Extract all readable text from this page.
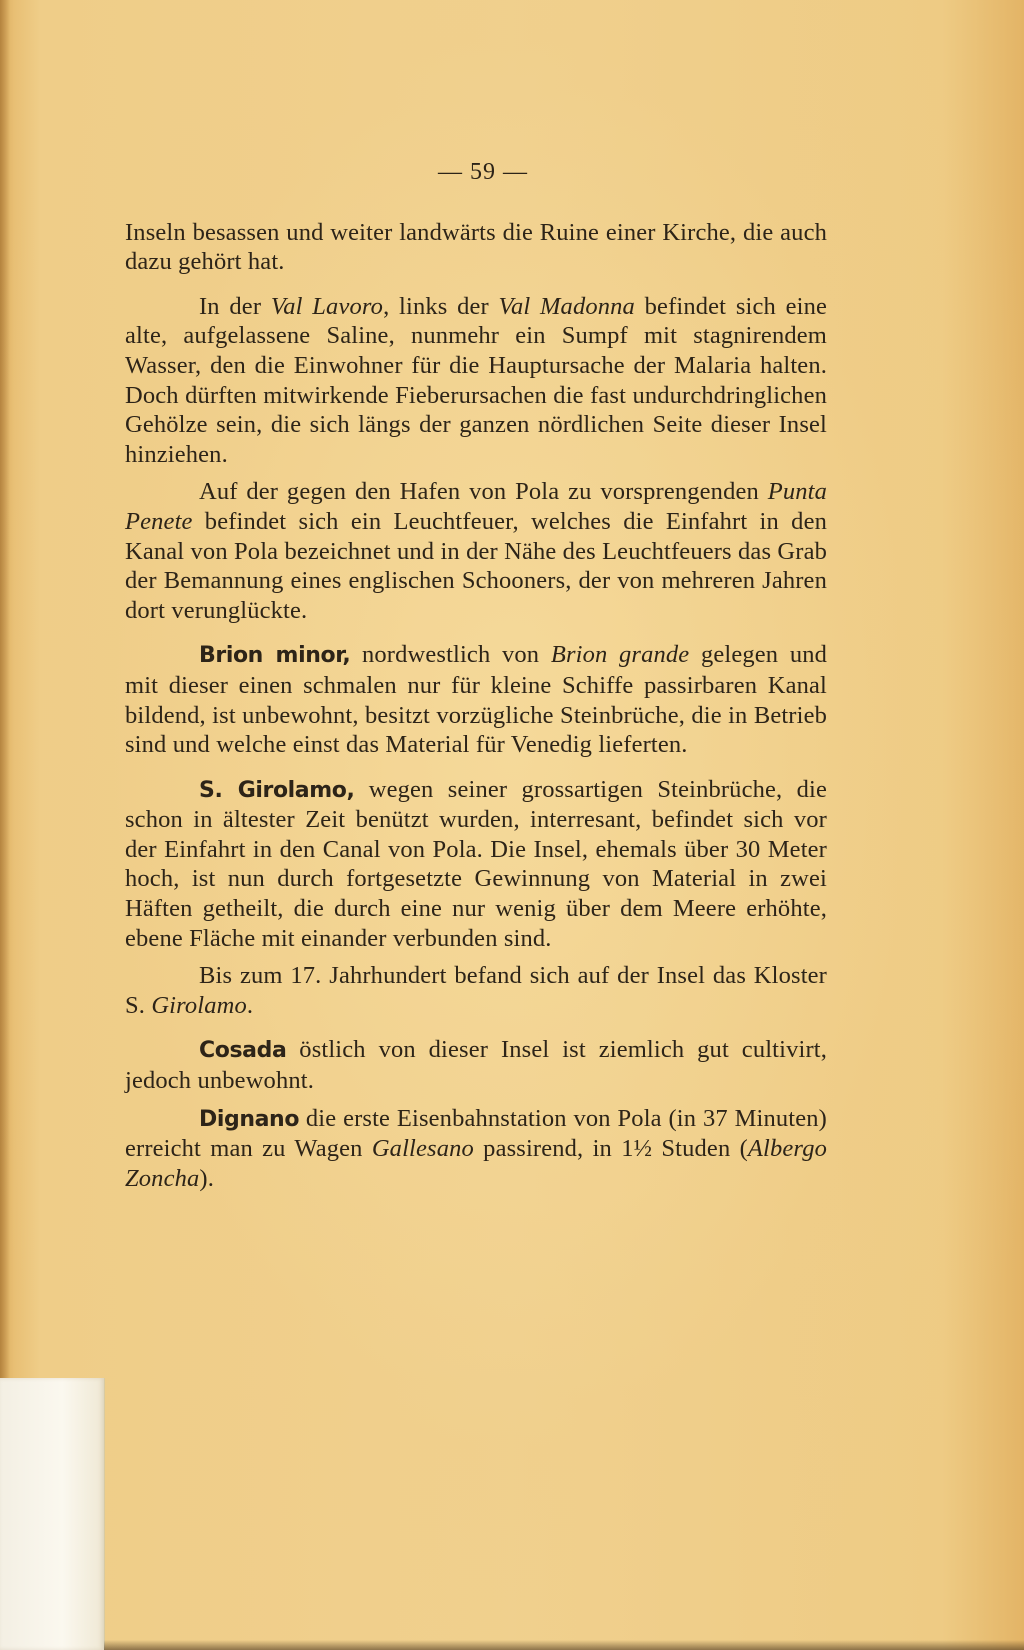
— 59 —

Inseln besassen und weiter landwärts die Ruine einer Kirche, die auch dazu gehört hat.

In der Val Lavoro, links der Val Madonna befindet sich eine alte, aufgelassene Saline, nunmehr ein Sumpf mit stagnirendem Wasser, den die Einwohner für die Hauptursache der Malaria halten. Doch dürften mitwirkende Fieberursachen die fast undurchdringlichen Gehölze sein, die sich längs der ganzen nördlichen Seite dieser Insel hinziehen.

Auf der gegen den Hafen von Pola zu vorsprengenden Punta Penete befindet sich ein Leuchtfeuer, welches die Einfahrt in den Kanal von Pola bezeichnet und in der Nähe des Leuchtfeuers das Grab der Bemannung eines englischen Schooners, der von mehreren Jahren dort verunglückte.

Brion minor, nordwestlich von Brion grande gelegen und mit dieser einen schmalen nur für kleine Schiffe passirbaren Kanal bildend, ist unbewohnt, besitzt vorzügliche Steinbrüche, die in Betrieb sind und welche einst das Material für Venedig lieferten.

S. Girolamo, wegen seiner grossartigen Steinbrüche, die schon in ältester Zeit benützt wurden, interresant, befindet sich vor der Einfahrt in den Canal von Pola. Die Insel, ehemals über 30 Meter hoch, ist nun durch fortgesetzte Gewinnung von Material in zwei Häften getheilt, die durch eine nur wenig über dem Meere erhöhte, ebene Fläche mit einander verbunden sind.

Bis zum 17. Jahrhundert befand sich auf der Insel das Kloster S. Girolamo.

Cosada östlich von dieser Insel ist ziemlich gut cultivirt, jedoch unbewohnt.

Dignano die erste Eisenbahnstation von Pola (in 37 Minuten) erreicht man zu Wagen Gallesano passirend, in 1½ Studen (Albergo Zoncha).
